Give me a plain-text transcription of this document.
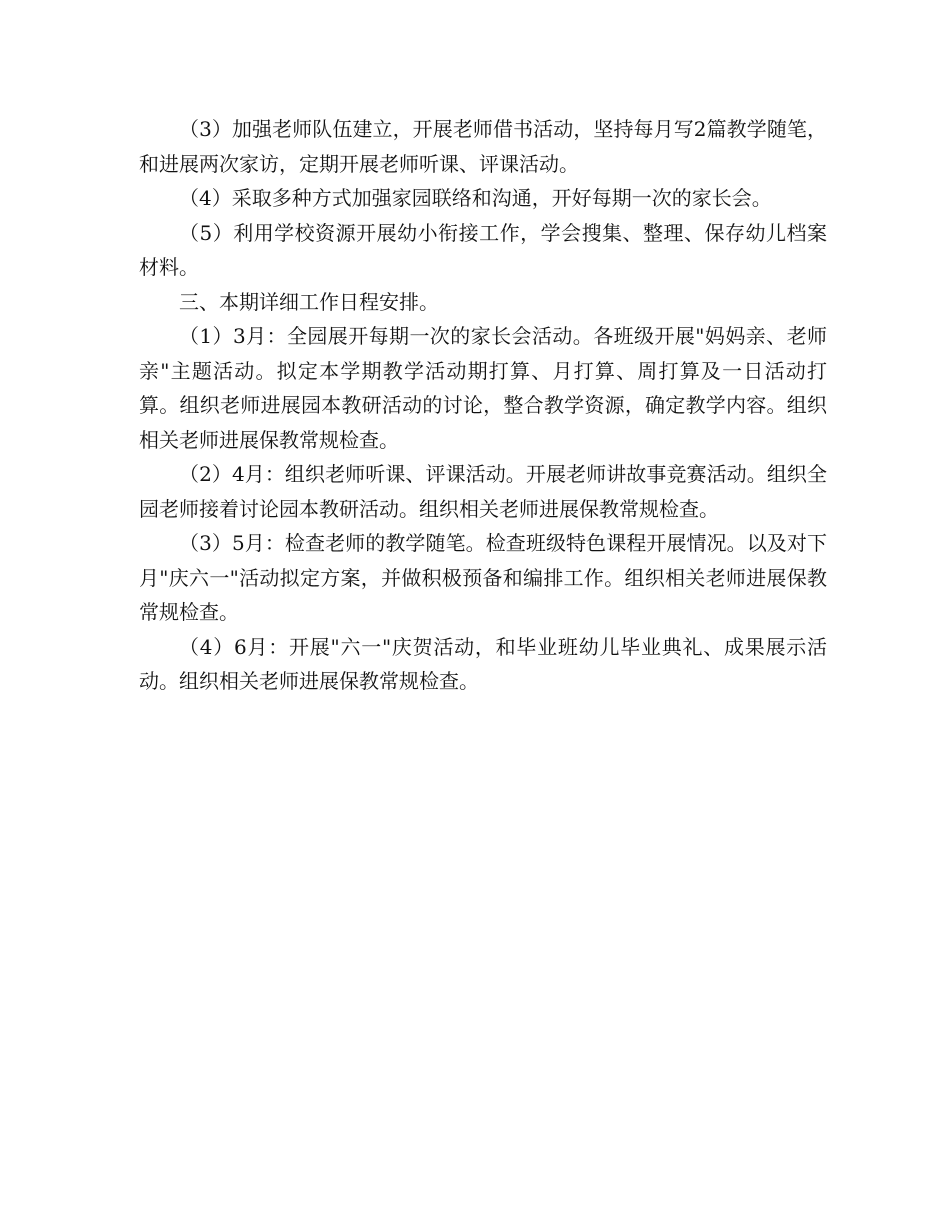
（3）加强老师队伍建立，开展老师借书活动，坚持每月写2篇教学随笔，和进展两次家访，定期开展老师听课、评课活动。

（4）采取多种方式加强家园联络和沟通，开好每期一次的家长会。

（5）利用学校资源开展幼小衔接工作，学会搜集、整理、保存幼儿档案材料。

三、本期详细工作日程安排。

（1）3月：全园展开每期一次的家长会活动。各班级开展"妈妈亲、老师亲"主题活动。拟定本学期教学活动期打算、月打算、周打算及一日活动打算。组织老师进展园本教研活动的讨论，整合教学资源，确定教学内容。组织相关老师进展保教常规检查。

（2）4月：组织老师听课、评课活动。开展老师讲故事竞赛活动。组织全园老师接着讨论园本教研活动。组织相关老师进展保教常规检查。

（3）5月：检查老师的教学随笔。检查班级特色课程开展情况。以及对下月"庆六一"活动拟定方案，并做积极预备和编排工作。组织相关老师进展保教常规检查。

（4）6月：开展"六一"庆贺活动，和毕业班幼儿毕业典礼、成果展示活动。组织相关老师进展保教常规检查。
